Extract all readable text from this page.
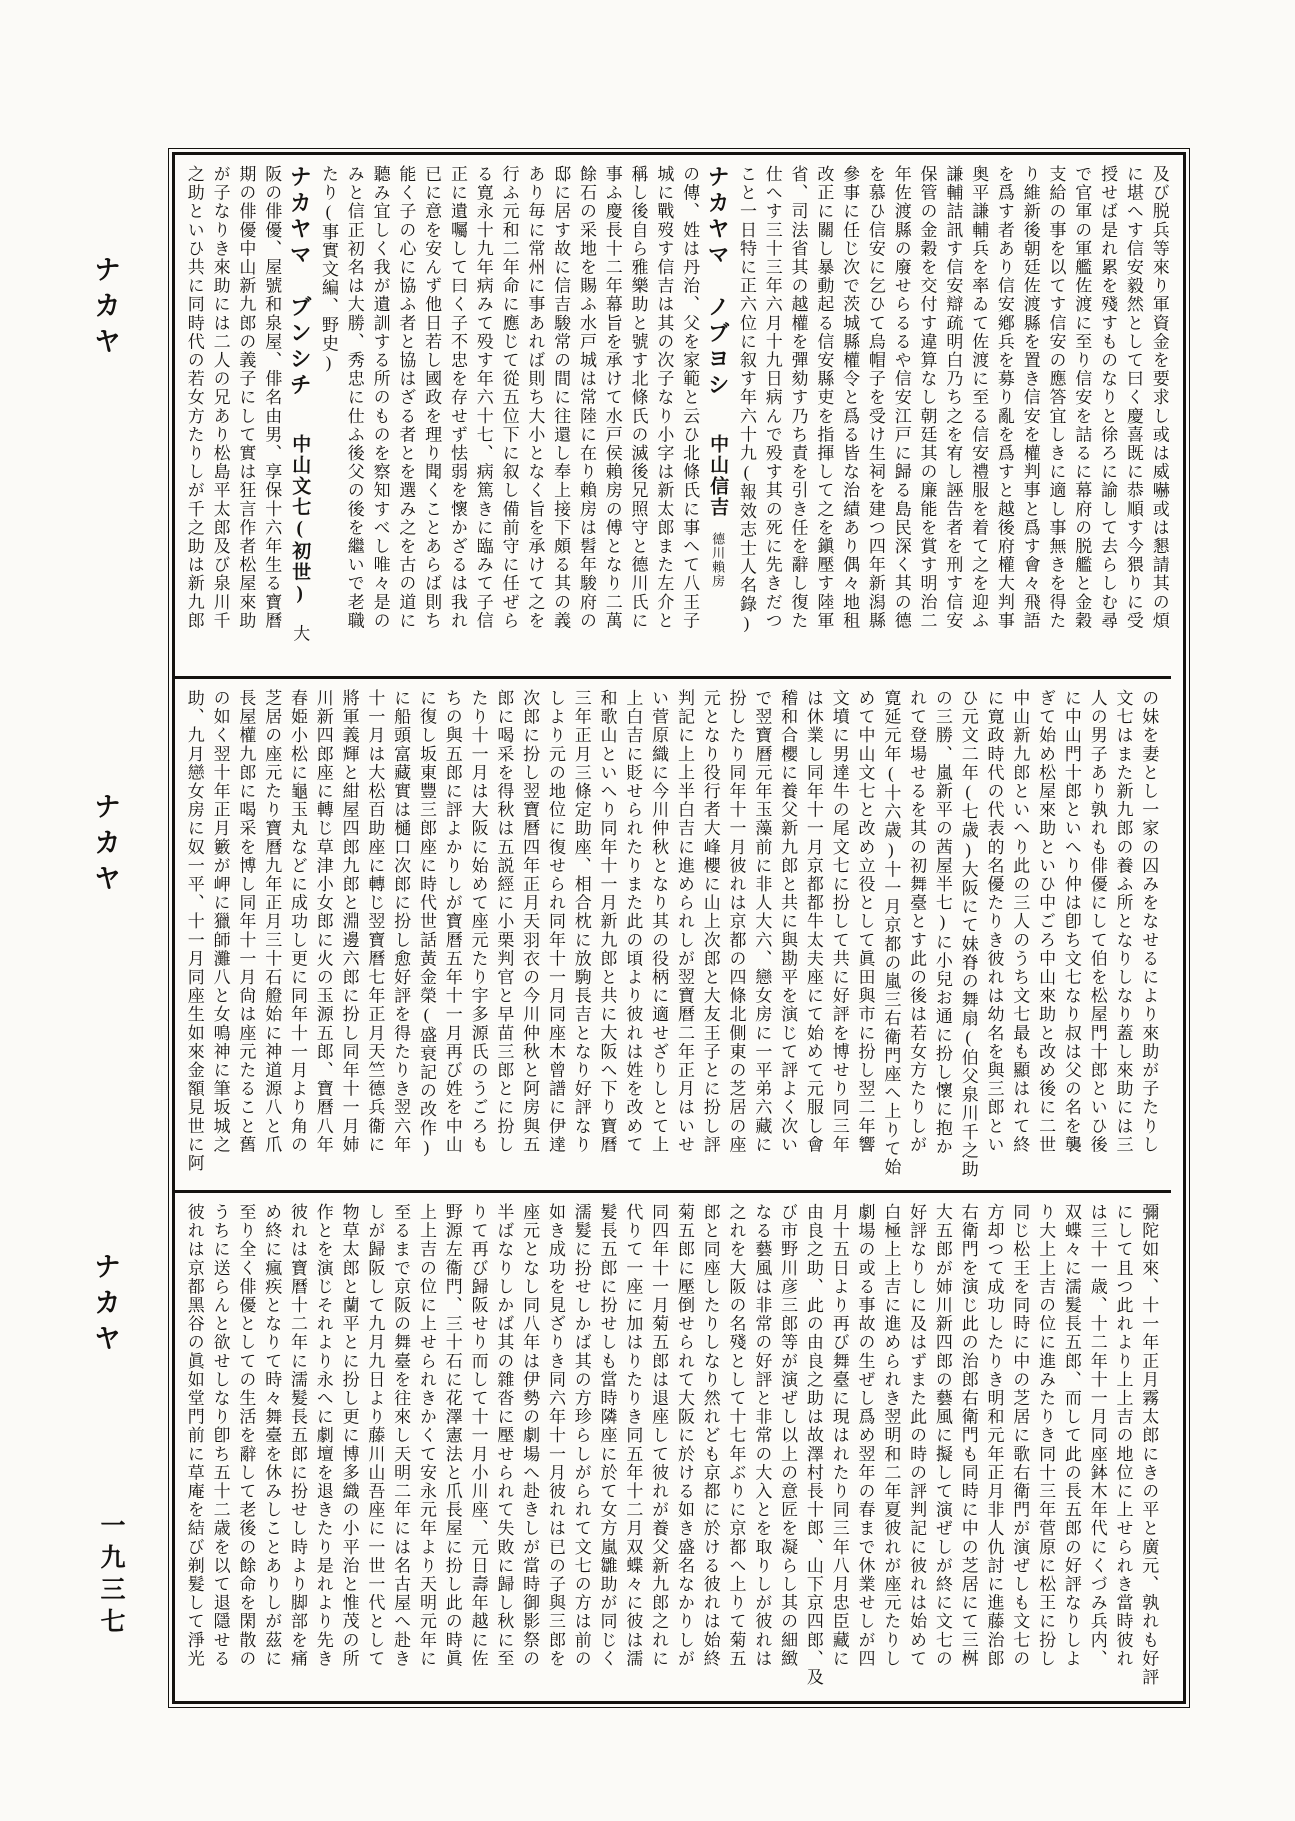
ナカヤ
ナカヤ
ナカヤ
一九三七

及び脱兵等來り軍資金を要求し或は威嚇或は懇請其の煩

に堪へす信安毅然として曰く慶喜既に恭順す今猥りに受

授せば是れ累を殘すものなりと徐ろに諭して去らしむ尋

で官軍の軍艦佐渡に至り信安を詰るに幕府の脱艦と金穀

支給の事を以てす信安の應答宜しきに適し事無きを得た

り維新後朝廷佐渡縣を置き信安を權判事と爲す會々飛語

を爲す者あり信安鄕兵を募り亂を爲すと越後府權大判事

奥平謙輔兵を率ゐて佐渡に至る信安禮服を着て之を迎ふ

謙輔詰訊す信安辯疏明白乃ち之を宥し誣告者を刑す信安

保管の金穀を交付す違算なし朝廷其の廉能を賞す明治二

年佐渡縣の廢せらるるや信安江戸に歸る島民深く其の德

を慕ひ信安に乞ひて烏帽子を受け生祠を建つ四年新潟縣

參事に任じ次で茨城縣權令と爲る皆な治績あり偶々地租

改正に關し暴動起る信安縣吏を指揮して之を鎭壓す陸軍

省、司法省其の越權を彈劾す乃ち責を引き任を辭し復た

仕へす三十三年六月十九日病んで殁す其の死に先きだつ

こと一日特に正六位に叙す年六十九(報效志士人名錄)

ナカヤマ　ノブヨシ　中山信吉　德川賴房

の傳、姓は丹治、父を家範と云ひ北條氏に事へて八王子

城に戰歿す信吉は其の次子なり小字は新太郎また左介と

稱し後自ら雅樂助と號す北條氏の滅後兄照守と德川氏に

事ふ慶長十二年幕旨を承けて水戸侯賴房の傅となり二萬

餘石の采地を賜ふ水戸城は常陸に在り賴房は髫年駿府の

邸に居す故に信吉駿常の間に往還し奉上接下頗る其の義

あり毎に常州に事あれば則ち大小となく旨を承けて之を

行ふ元和二年命に應じて從五位下に叙し備前守に任ぜら

る寛永十九年病みて殁す年六十七、病篤きに臨みて子信

正に遺囑して曰く子不忠を存せず怯弱を懷かざるは我れ

已に意を安んず他日若し國政を理り聞くことあらば則ち

能く子の心に協ふ者と協はざる者とを選み之を古の道に

聽み宜しく我が遺訓する所のものを察知すべし唯々是の

みと信正初名は大勝、秀忠に仕ふ後父の後を繼いで老職

たり(事實文編、野史)

ナカヤマ　ブンシチ　中山文七(初世)　大

阪の俳優、屋號和泉屋、俳名由男、享保十六年生る寶曆

期の俳優中山新九郎の義子にして實は狂言作者松屋來助

が子なりき來助には二人の兄あり松島平太郎及び泉川千

之助といひ共に同時代の若女方たりしが千之助は新九郎

の妹を妻とし一家の囚みをなせるにより來助が子たりし

文七はまた新九郎の養ふ所となりしなり蓋し來助には三

人の男子あり孰れも俳優にして伯を松屋門十郎といひ後

に中山門十郎といへり仲は卽ち文七なり叔は父の名を襲

ぎて始め松屋來助といひ中ごろ中山來助と改め後に二世

中山新九郎といへり此の三人のうち文七最も顯はれて終

に寛政時代の代表的名優たりき彼れは幼名を與三郎とい

ひ元文二年(七歳)大阪にて妹脊の舞扇(伯父泉川千之助

の三勝、嵐新平の茜屋半七)に小兒お通に扮し懷に抱か

れて登場せるを其の初舞臺とす此の後は若女方たりしが

寛延元年(十六歳)十一月京都の嵐三右衛門座へ上りて始

めて中山文七と改め立役として眞田與市に扮し翌二年響

文墳に男達牛の尾文七に扮して共に好評を博せり同三年

は休業し同年十一月京都都牛太夫座にて始めて元服し會

稽和合櫻に養父新九郎と共に與勘平を演じて評よく次い

で翌寶曆元年玉藻前に非人大六、戀女房に一平弟六藏に

扮したり同年十一月彼れは京都の四條北側東の芝居の座

元となり役行者大峰櫻に山上次郎と大友王子とに扮し評

判記に上上半白吉に進められしが翌寶曆二年正月はいせ

い菅原織に今川仲秋となり其の役柄に適せざりしとて上

上白吉に貶せられたりまた此の頃より彼れは姓を改めて

和歌山といへり同年十一月新九郎と共に大阪へ下り寶曆

三年正月三條定助座、相合枕に放駒長吉となり好評なり

しより元の地位に復せられ同年十一月同座木曾譜に伊達

次郎に扮し翌寶曆四年正月天羽衣の今川仲秋と阿房與五

郎に喝采を得秋は五説經に小栗判官と早苗三郎とに扮し

たり十一月は大阪に始めて座元たり宇多源氏のうごろも

ちの與五郎に評よかりしが寶曆五年十一月再び姓を中山

に復し坂東豐三郎座に時代世話黃金榮(盛衰記の改作)

に船頭富藏實は樋口次郎に扮し愈好評を得たりき翌六年

十一月は大松百助座に轉じ翌寶曆七年正月天竺德兵衞に

將軍義輝と紺屋四郎九郎と淵邊六郎に扮し同年十一月姉

川新四郎座に轉じ草津小女郎に火の玉源五郎、寶曆八年

春姫小松に龜玉丸などに成功し更に同年十一月より角の

芝居の座元たり寶曆九年正月三十石艠始に神道源八と爪

長屋權九郎に喝采を博し同年十一月尙は座元たること舊

の如く翌十年正月籔が岬に獵師灘八と女鳴神に筆坂城之

助、九月戀女房に奴一平、十一月同座生如來金額見世に阿

彌陀如來、十一年正月霧太郎にきの平と廣元、孰れも好評

にして且つ此れより上上吉の地位に上せられき當時彼れ

は三十一歳、十二年十一月同座鉢木年代にくづみ兵内、

双蝶々に濡髮長五郎、而して此の長五郎の好評なりしよ

り大上上吉の位に進みたりき同十三年菅原に松王に扮し

同じ松王を同時に中の芝居に歌右衛門が演ぜしも文七の

方却つて成功したりき明和元年正月非人仇討に進藤治郎

右衛門を演じ此の治郎右衛門も同時に中の芝居にて三桝

大五郎が姉川新四郎の藝風に擬して演ぜしが終に文七の

好評なりしに及はずまた此の時の評判記に彼れは始めて

白極上上吉に進められき翌明和二年夏彼れが座元たりし

劇場の或る事故の生ぜし爲め翌年の春まで休業せしが四

月十五日より再び舞臺に現はれたり同三年八月忠臣藏に

由良之助、此の由良之助は故澤村長十郎、山下京四郎、及

び市野川彦三郎等が演ぜし以上の意匠を凝らし其の細緻

なる藝風は非常の好評と非常の大入とを取りしが彼れは

之れを大阪の名殘として十七年ぶりに京都へ上りて菊五

郎と同座したりしなり然れども京都に於ける彼れは始終

菊五郎に壓倒せられて大阪に於ける如き盛名なかりしが

同四年十一月菊五郎は退座して彼れが養父新九郎之れに

代りて一座に加はりたりき同五年十二月双蝶々に彼は濡

髮長五郎に扮せしも當時隣座に於て女方嵐雛助が同じく

濡髮に扮せしかば其の方珍らしがられて文七の方は前の

如き成功を見ざりき同六年十一月彼れは已の子與三郎を

座元となし同八年は伊勢の劇場へ赴きしが當時御影祭の

半ばなりしかば其の雜沓に壓せられて失敗に歸し秋に至

りて再び歸阪せり而して十一月小川座、元日壽年越に佐

野源左衞門、三十石に花澤憲法と爪長屋に扮し此の時眞

上上吉の位に上せられきかくて安永元年より天明元年に

至るまで京阪の舞臺を往來し天明二年には名古屋へ赴き

しが歸阪して九月九日より藤川山吾座に一世一代として

物草太郎と蘭平とに扮し更に博多織の小平治と惟茂の所

作とを演じそれより永へに劇壇を退きたり是れより先き

彼れは寶曆十二年に濡髮長五郎に扮せし時より脚部を痛

め終に瘋疾となりて時々舞臺を休みしことありしが茲に

至り全く俳優としての生活を辭して老後の餘命を閑散の

うちに送らんと欲せしなり卽ち五十二歳を以て退隱せる

彼れは京都黑谷の眞如堂門前に草庵を結び剃髮して淨光
